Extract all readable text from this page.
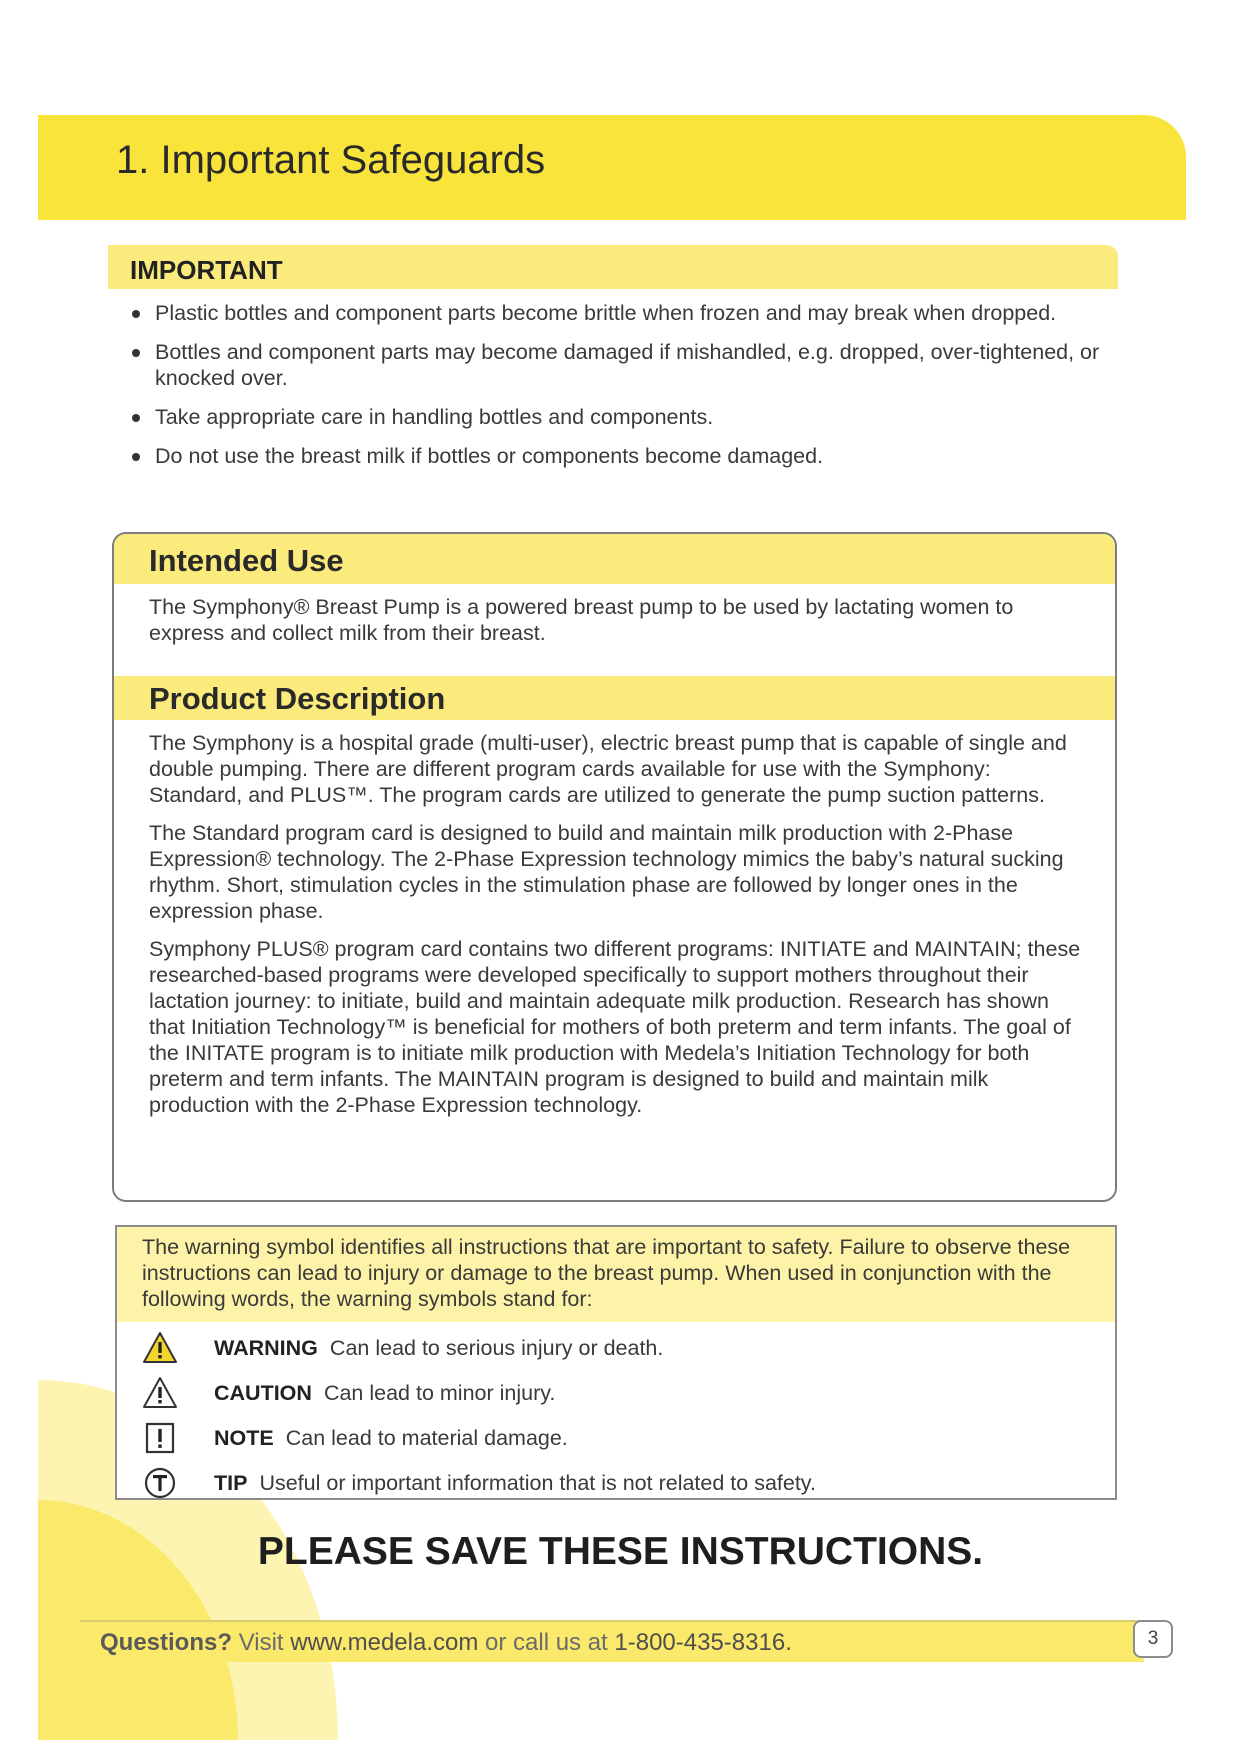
1. Important Safeguards
IMPORTANT
Plastic bottles and component parts become brittle when frozen and may break when dropped.
Bottles and component parts may become damaged if mishandled, e.g. dropped, over-tightened, or knocked over.
Take appropriate care in handling bottles and components.
Do not use the breast milk if bottles or components become damaged.
Intended Use

The Symphony® Breast Pump is a powered breast pump to be used by lactating women to express and collect milk from their breast.

Product Description

The Symphony is a hospital grade (multi-user), electric breast pump that is capable of single and double pumping. There are different program cards available for use with the Symphony: Standard, and PLUS™. The program cards are utilized to generate the pump suction patterns.

The Standard program card is designed to build and maintain milk production with 2-Phase Expression® technology. The 2-Phase Expression technology mimics the baby’s natural sucking rhythm. Short, stimulation cycles in the stimulation phase are followed by longer ones in the expression phase.

Symphony PLUS® program card contains two different programs: INITIATE and MAINTAIN; these researched-based programs were developed specifically to support mothers throughout their lactation journey: to initiate, build and maintain adequate milk production. Research has shown that Initiation Technology™ is beneficial for mothers of both preterm and term infants. The goal of the INITATE program is to initiate milk production with Medela’s Initiation Technology for both preterm and term infants. The MAINTAIN program is designed to build and maintain milk production with the 2-Phase Expression technology.

The warning symbol identifies all instructions that are important to safety. Failure to observe these instructions can lead to injury or damage to the breast pump. When used in conjunction with the following words, the warning symbols stand for:

WARNING Can lead to serious injury or death.
CAUTION Can lead to minor injury.
NOTE Can lead to material damage.
TIP Useful or important information that is not related to safety.

PLEASE SAVE THESE INSTRUCTIONS.

Questions? Visit www.medela.com or call us at 1-800-435-8316.	3
